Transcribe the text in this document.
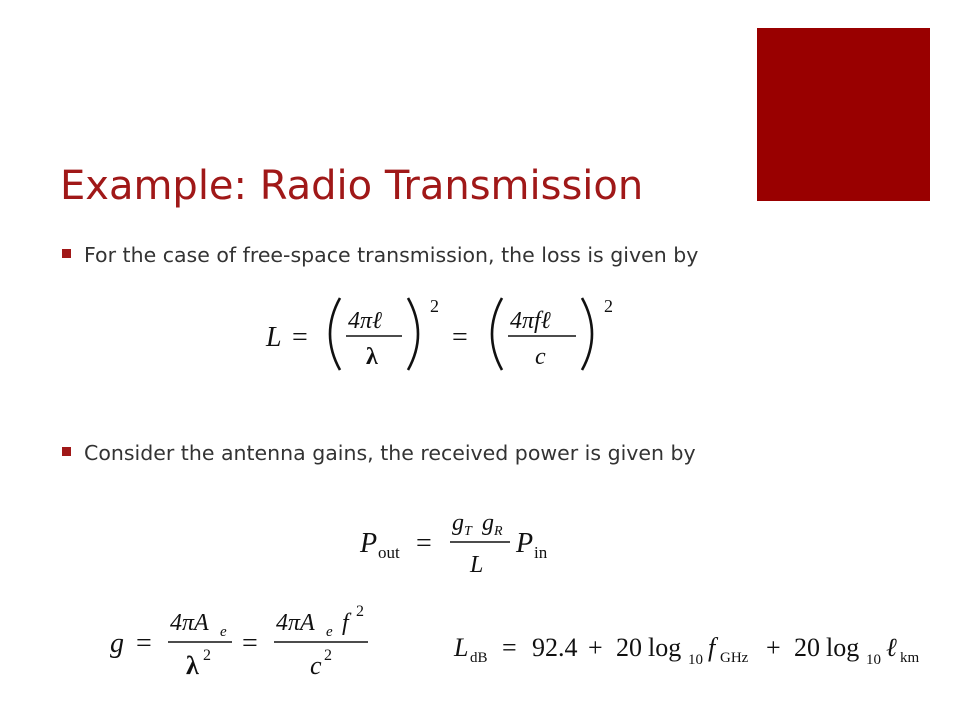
Example: Radio Transmission
For the case of free-space transmission, the loss is given by
L =
4πℓ
λ
2
=
4πfℓ
c
2
Consider the antenna gains, the received power is given by
P out =
g T g R
L
P in
g =
4πA e
λ 2 =
4πA e f 2
c 2	L dB = 92.4 + 20 log 10 f GHz + 20 log 10 ℓ km
